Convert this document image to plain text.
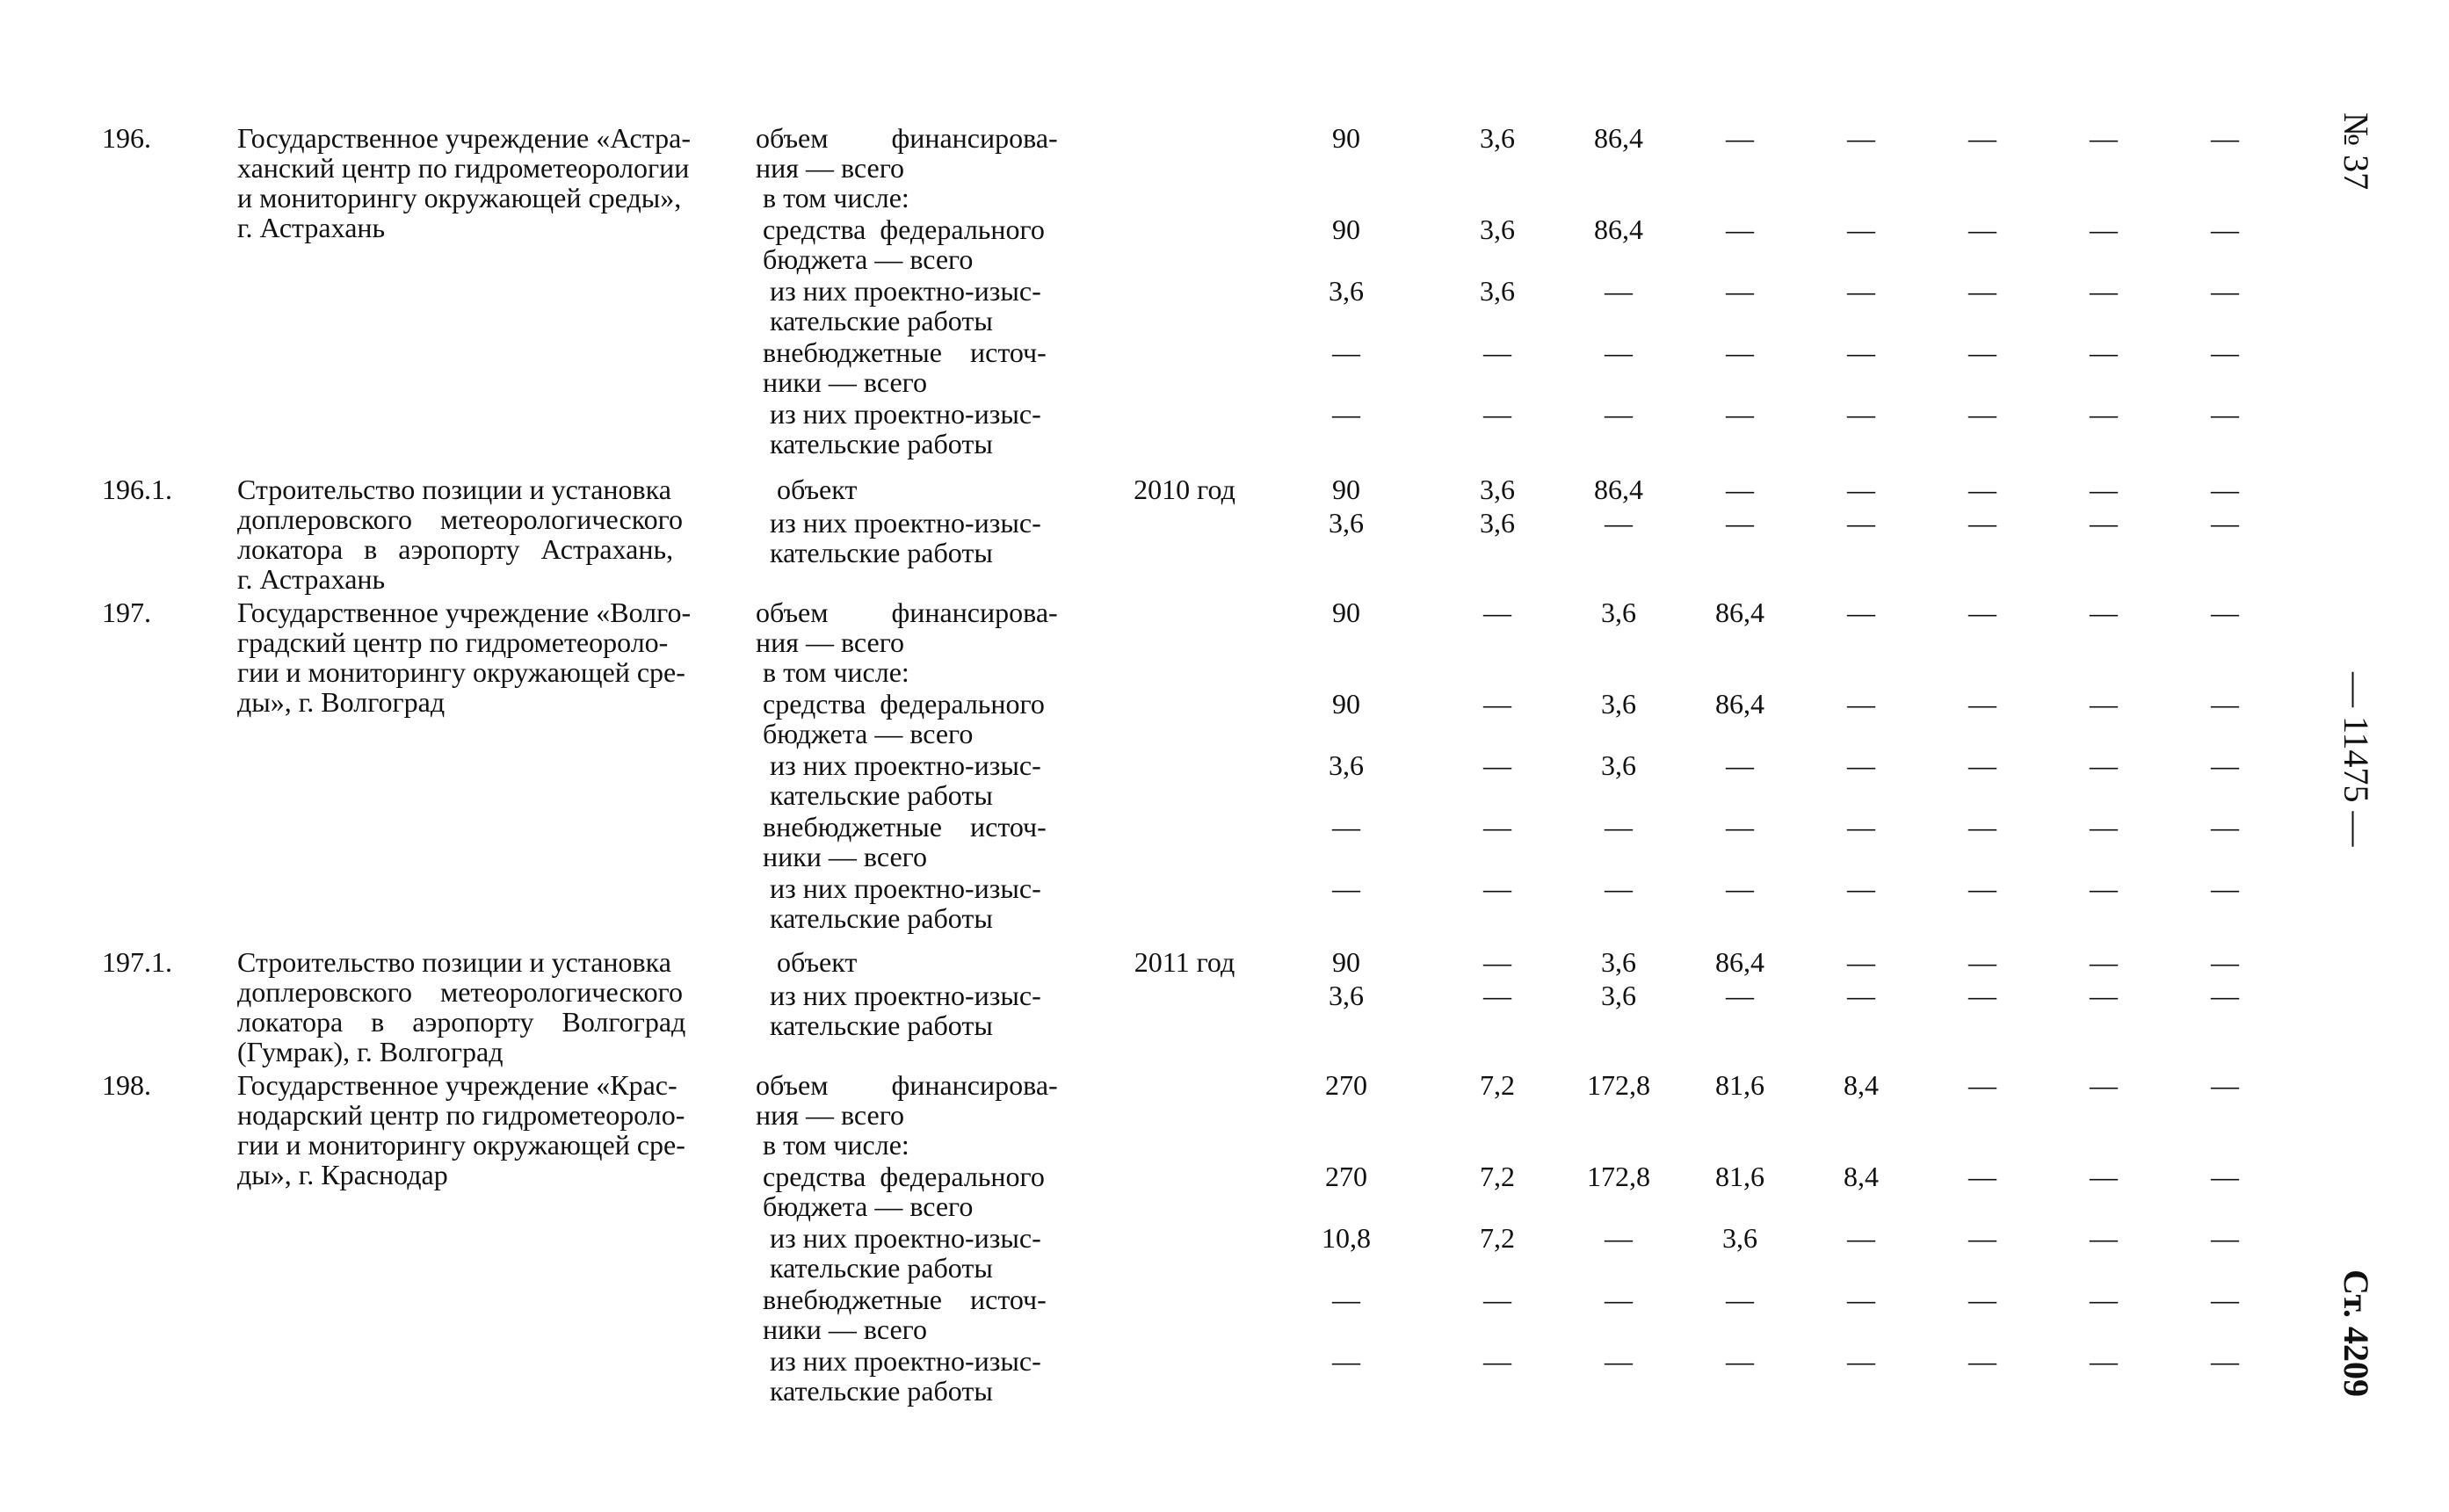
196.	Государственное учреждение «Астра-
ханский центр по гидрометеорологии
и мониторингу окружающей среды»,
г. Астрахань
объем         финансирова-
ния — всего
90	3,6	86,4	—	—	—	—	—
в том числе:
средства  федерального
бюджета — всего
90	3,6	86,4	—	—	—	—	—
из них проектно-изыс-
кательские работы
3,6	3,6	—	—	—	—	—	—
внебюджетные    источ-
ники — всего
—	—	—	—	—	—	—	—
из них проектно-изыс-
кательские работы
—	—	—	—	—	—	—	—
196.1. Строительство позиции и установка
доплеровского    метеорологического
локатора   в   аэропорту   Астрахань,
г. Астрахань
объект	2010 год	90	3,6	86,4	—	—	—	—	—
из них проектно-изыс-
кательские работы
3,6	3,6	—	—	—	—	—	—
197.	Государственное учреждение «Волго-
градский центр по гидрометеороло-
гии и мониторингу окружающей сре-
ды», г. Волгоград
объем         финансирова-
ния — всего
90	—	3,6	86,4	—	—	—	—
в том числе:
средства  федерального
бюджета — всего
90	—	3,6	86,4	—	—	—	—
из них проектно-изыс-
кательские работы
3,6	—	3,6	—	—	—	—	—
внебюджетные    источ-
ники — всего
—	—	—	—	—	—	—	—
из них проектно-изыс-
кательские работы
—	—	—	—	—	—	—	—
197.1. Строительство позиции и установка
доплеровского    метеорологического
локатора    в    аэропорту    Волгоград
(Гумрак), г. Волгоград
объект	2011 год	90	—	3,6	86,4	—	—	—	—
из них проектно-изыс-
кательские работы
3,6	—	3,6	—	—	—	—	—
198.	Государственное учреждение «Крас-
нодарский центр по гидрометеороло-
гии и мониторингу окружающей сре-
ды», г. Краснодар
объем         финансирова-
ния — всего
270	7,2	172,8	81,6	8,4	—	—	—
в том числе:
средства  федерального
бюджета — всего
270	7,2	172,8	81,6	8,4	—	—	—
из них проектно-изыс-
кательские работы
10,8	7,2	—	3,6	—	—	—	—
внебюджетные    источ-
ники — всего
—	—	—	—	—	—	—	—
из них проектно-изыс-
кательские работы
—	—	—	—	—	—	—	—
№ 37
— 11475 —
Ст. 4209
